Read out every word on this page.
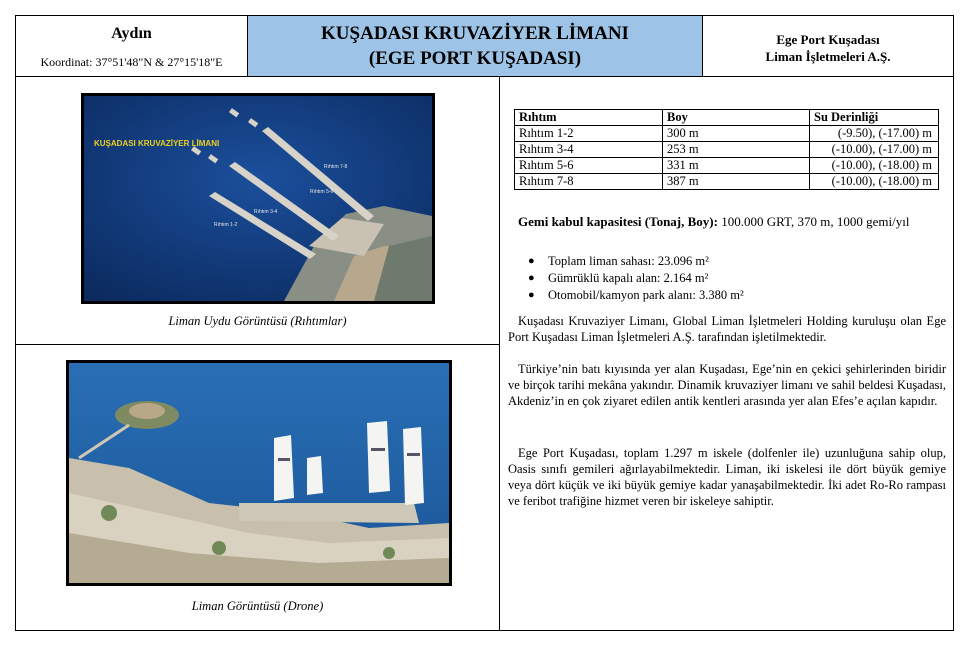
Aydın
Koordinat: 37°51'48"N & 27°15'18"E
KUŞADASI KRUVAZİYER LİMANI
(EGE PORT KUŞADASI)
Ege Port Kuşadası
Liman İşletmeleri A.Ş.
KUŞADASI KRUVAZİYER LİMANI
Rıhtım 7-8
Rıhtım 5-6
Rıhtım 3-4
Rıhtım 1-2
Liman Uydu Görüntüsü (Rıhtımlar)
Liman Görüntüsü (Drone)
Rıhtım	Boy	Su Derinliği
Rıhtım 1-2	300 m	(-9.50), (-17.00) m
Rıhtım 3-4	253 m	(-10.00), (-17.00) m
Rıhtım 5-6	331 m	(-10.00), (-18.00) m
Rıhtım 7-8	387 m	(-10.00), (-18.00) m
Gemi kabul kapasitesi (Tonaj, Boy): 100.000 GRT, 370 m, 1000 gemi/yıl
● Toplam liman sahası: 23.096 m²
● Gümrüklü kapalı alan: 2.164 m²
● Otomobil/kamyon park alanı: 3.380 m²

Kuşadası Kruvaziyer Limanı, Global Liman İşletmeleri Holding kuruluşu olan Ege Port Kuşadası Liman İşletmeleri A.Ş. tarafından işletilmektedir.

Türkiye’nin batı kıyısında yer alan Kuşadası, Ege’nin en çekici şehirlerinden biridir ve birçok tarihi mekâna yakındır. Dinamik kruvaziyer limanı ve sahil beldesi Kuşadası, Akdeniz’in en çok ziyaret edilen antik kentleri arasında yer alan Efes’e açılan kapıdır.

Ege Port Kuşadası, toplam 1.297 m iskele (dolfenler ile) uzunluğuna sahip olup, Oasis sınıfı gemileri ağırlayabilmektedir. Liman, iki iskelesi ile dört büyük gemiye veya dört küçük ve iki büyük gemiye kadar yanaşabilmektedir. İki adet Ro-Ro rampası ve feribot trafiğine hizmet veren bir iskeleye sahiptir.
